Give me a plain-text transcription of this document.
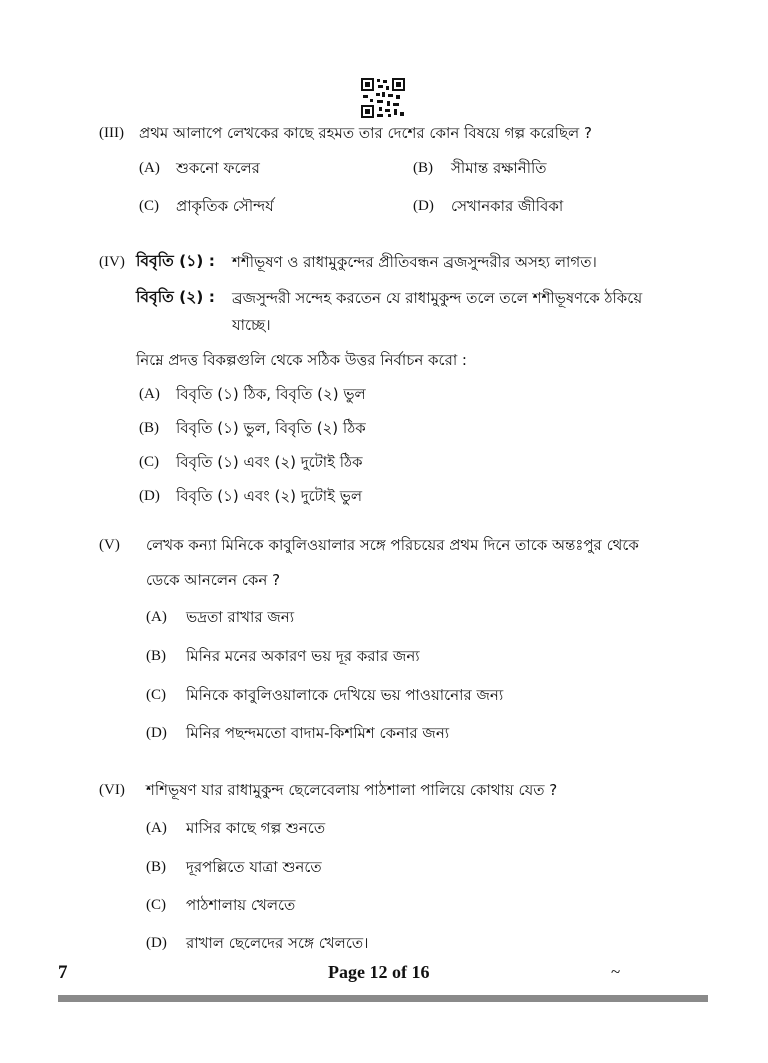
(III) প্রথম আলাপে লেখকের কাছে রহমত তার দেশের কোন বিষয়ে গল্প করেছিল ?
(A) শুকনো ফলের	(B) সীমান্ত রক্ষানীতি
(C) প্রাকৃতিক সৌন্দর্য	(D) সেখানকার জীবিকা
(IV) বিবৃতি (১) : শশীভূষণ ও রাধামুকুন্দের প্রীতিবন্ধন ব্রজসুন্দরীর অসহ্য লাগত।
বিবৃতি (২) : ব্রজসুন্দরী সন্দেহ করতেন যে রাধামুকুন্দ তলে তলে শশীভূষণকে ঠকিয়ে
যাচ্ছে।
নিম্নে প্রদত্ত বিকল্পগুলি থেকে সঠিক উত্তর নির্বাচন করো :
(A) বিবৃতি (১) ঠিক, বিবৃতি (২) ভুল
(B) বিবৃতি (১) ভুল, বিবৃতি (২) ঠিক
(C) বিবৃতি (১) এবং (২) দুটোই ঠিক
(D) বিবৃতি (১) এবং (২) দুটোই ভুল
(V) লেখক কন্যা মিনিকে কাবুলিওয়ালার সঙ্গে পরিচয়ের প্রথম দিনে তাকে অন্তঃপুর থেকে
ডেকে আনলেন কেন ?
(A) ভদ্রতা রাখার জন্য
(B) মিনির মনের অকারণ ভয় দূর করার জন্য
(C) মিনিকে কাবুলিওয়ালাকে দেখিয়ে ভয় পাওয়ানোর জন্য
(D) মিনির পছন্দমতো বাদাম-কিশমিশ কেনার জন্য
(VI) শশিভূষণ যার রাধামুকুন্দ ছেলেবেলায় পাঠশালা পালিয়ে কোথায় যেত ?
(A) মাসির কাছে গল্প শুনতে
(B) দূরপল্লিতে যাত্রা শুনতে
(C) পাঠশালায় খেলতে
(D) রাখাল ছেলেদের সঙ্গে খেলতে।
7	Page 12 of 16	~
